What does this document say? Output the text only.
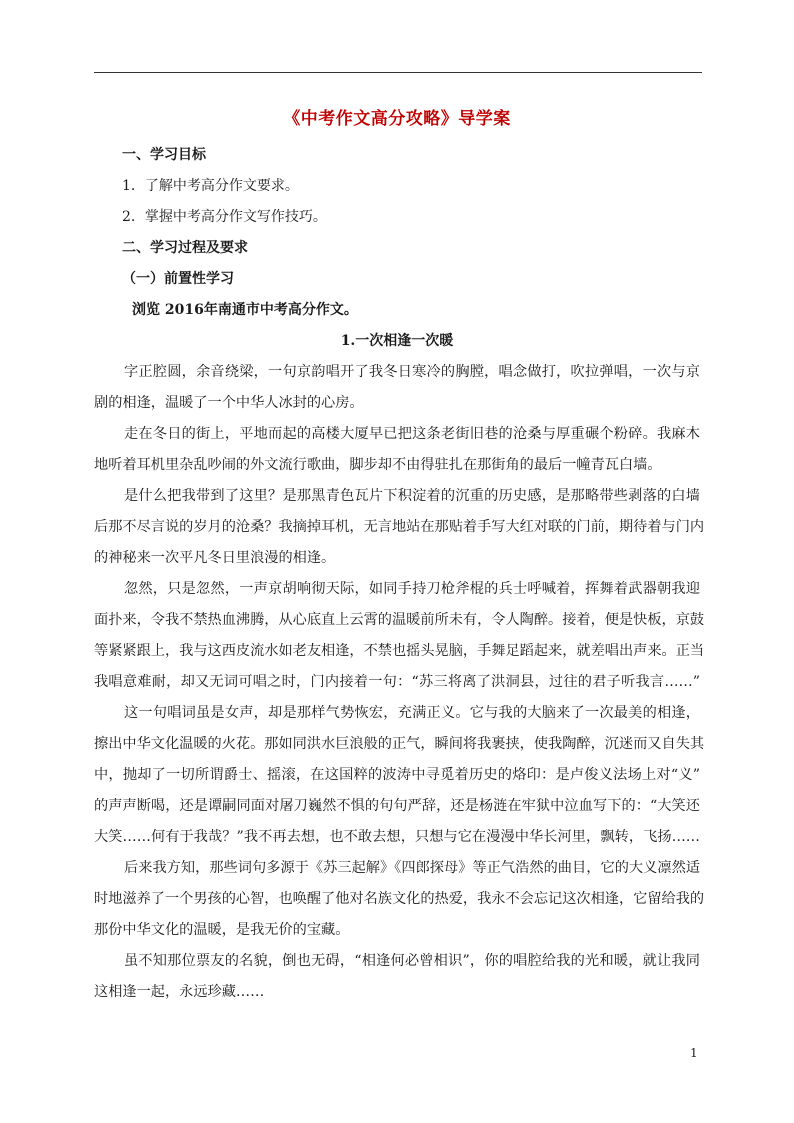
《中考作文高分攻略》导学案
一、学习目标
1．了解中考高分作文要求。
2．掌握中考高分作文写作技巧。
二、学习过程及要求
（一）前置性学习
浏览 2016年南通市中考高分作文。
1.一次相逢一次暖
字正腔圆，余音绕梁，一句京韵唱开了我冬日寒冷的胸膛，唱念做打，吹拉弹唱，一次与京
剧的相逢，温暖了一个中华人冰封的心房。
走在冬日的街上，平地而起的高楼大厦早已把这条老街旧巷的沧桑与厚重碾个粉碎。我麻木
地听着耳机里杂乱吵闹的外文流行歌曲，脚步却不由得驻扎在那街角的最后一幢青瓦白墙。
是什么把我带到了这里？是那黑青色瓦片下积淀着的沉重的历史感，是那略带些剥落的白墙
后那不尽言说的岁月的沧桑？我摘掉耳机，无言地站在那贴着手写大红对联的门前，期待着与门内
的神秘来一次平凡冬日里浪漫的相逢。
忽然，只是忽然，一声京胡响彻天际，如同手持刀枪斧棍的兵士呼喊着，挥舞着武器朝我迎
面扑来，令我不禁热血沸腾，从心底直上云霄的温暖前所未有，令人陶醉。接着，便是快板，京鼓
等紧紧跟上，我与这西皮流水如老友相逢，不禁也摇头晃脑，手舞足蹈起来，就差唱出声来。正当
我唱意难耐，却又无词可唱之时，门内接着一句：“苏三将离了洪洞县，过往的君子听我言……”
这一句唱词虽是女声，却是那样气势恢宏，充满正义。它与我的大脑来了一次最美的相逢，
擦出中华文化温暖的火花。那如同洪水巨浪般的正气，瞬间将我裹挟，使我陶醉，沉迷而又自失其
中，抛却了一切所谓爵士、摇滚，在这国粹的波涛中寻觅着历史的烙印：是卢俊义法场上对“义”
的声声断喝，还是谭嗣同面对屠刀巍然不惧的句句严辞，还是杨涟在牢狱中泣血写下的：“大笑还
大笑……何有于我哉？”我不再去想，也不敢去想，只想与它在漫漫中华长河里，飘转，飞扬……
后来我方知，那些词句多源于《苏三起解》《四郎探母》等正气浩然的曲目，它的大义凛然适
时地滋养了一个男孩的心智，也唤醒了他对名族文化的热爱，我永不会忘记这次相逢，它留给我的
那份中华文化的温暖，是我无价的宝藏。
虽不知那位票友的名貌，倒也无碍，“相逢何必曾相识”，你的唱腔给我的光和暖，就让我同
这相逢一起，永远珍藏……
1
